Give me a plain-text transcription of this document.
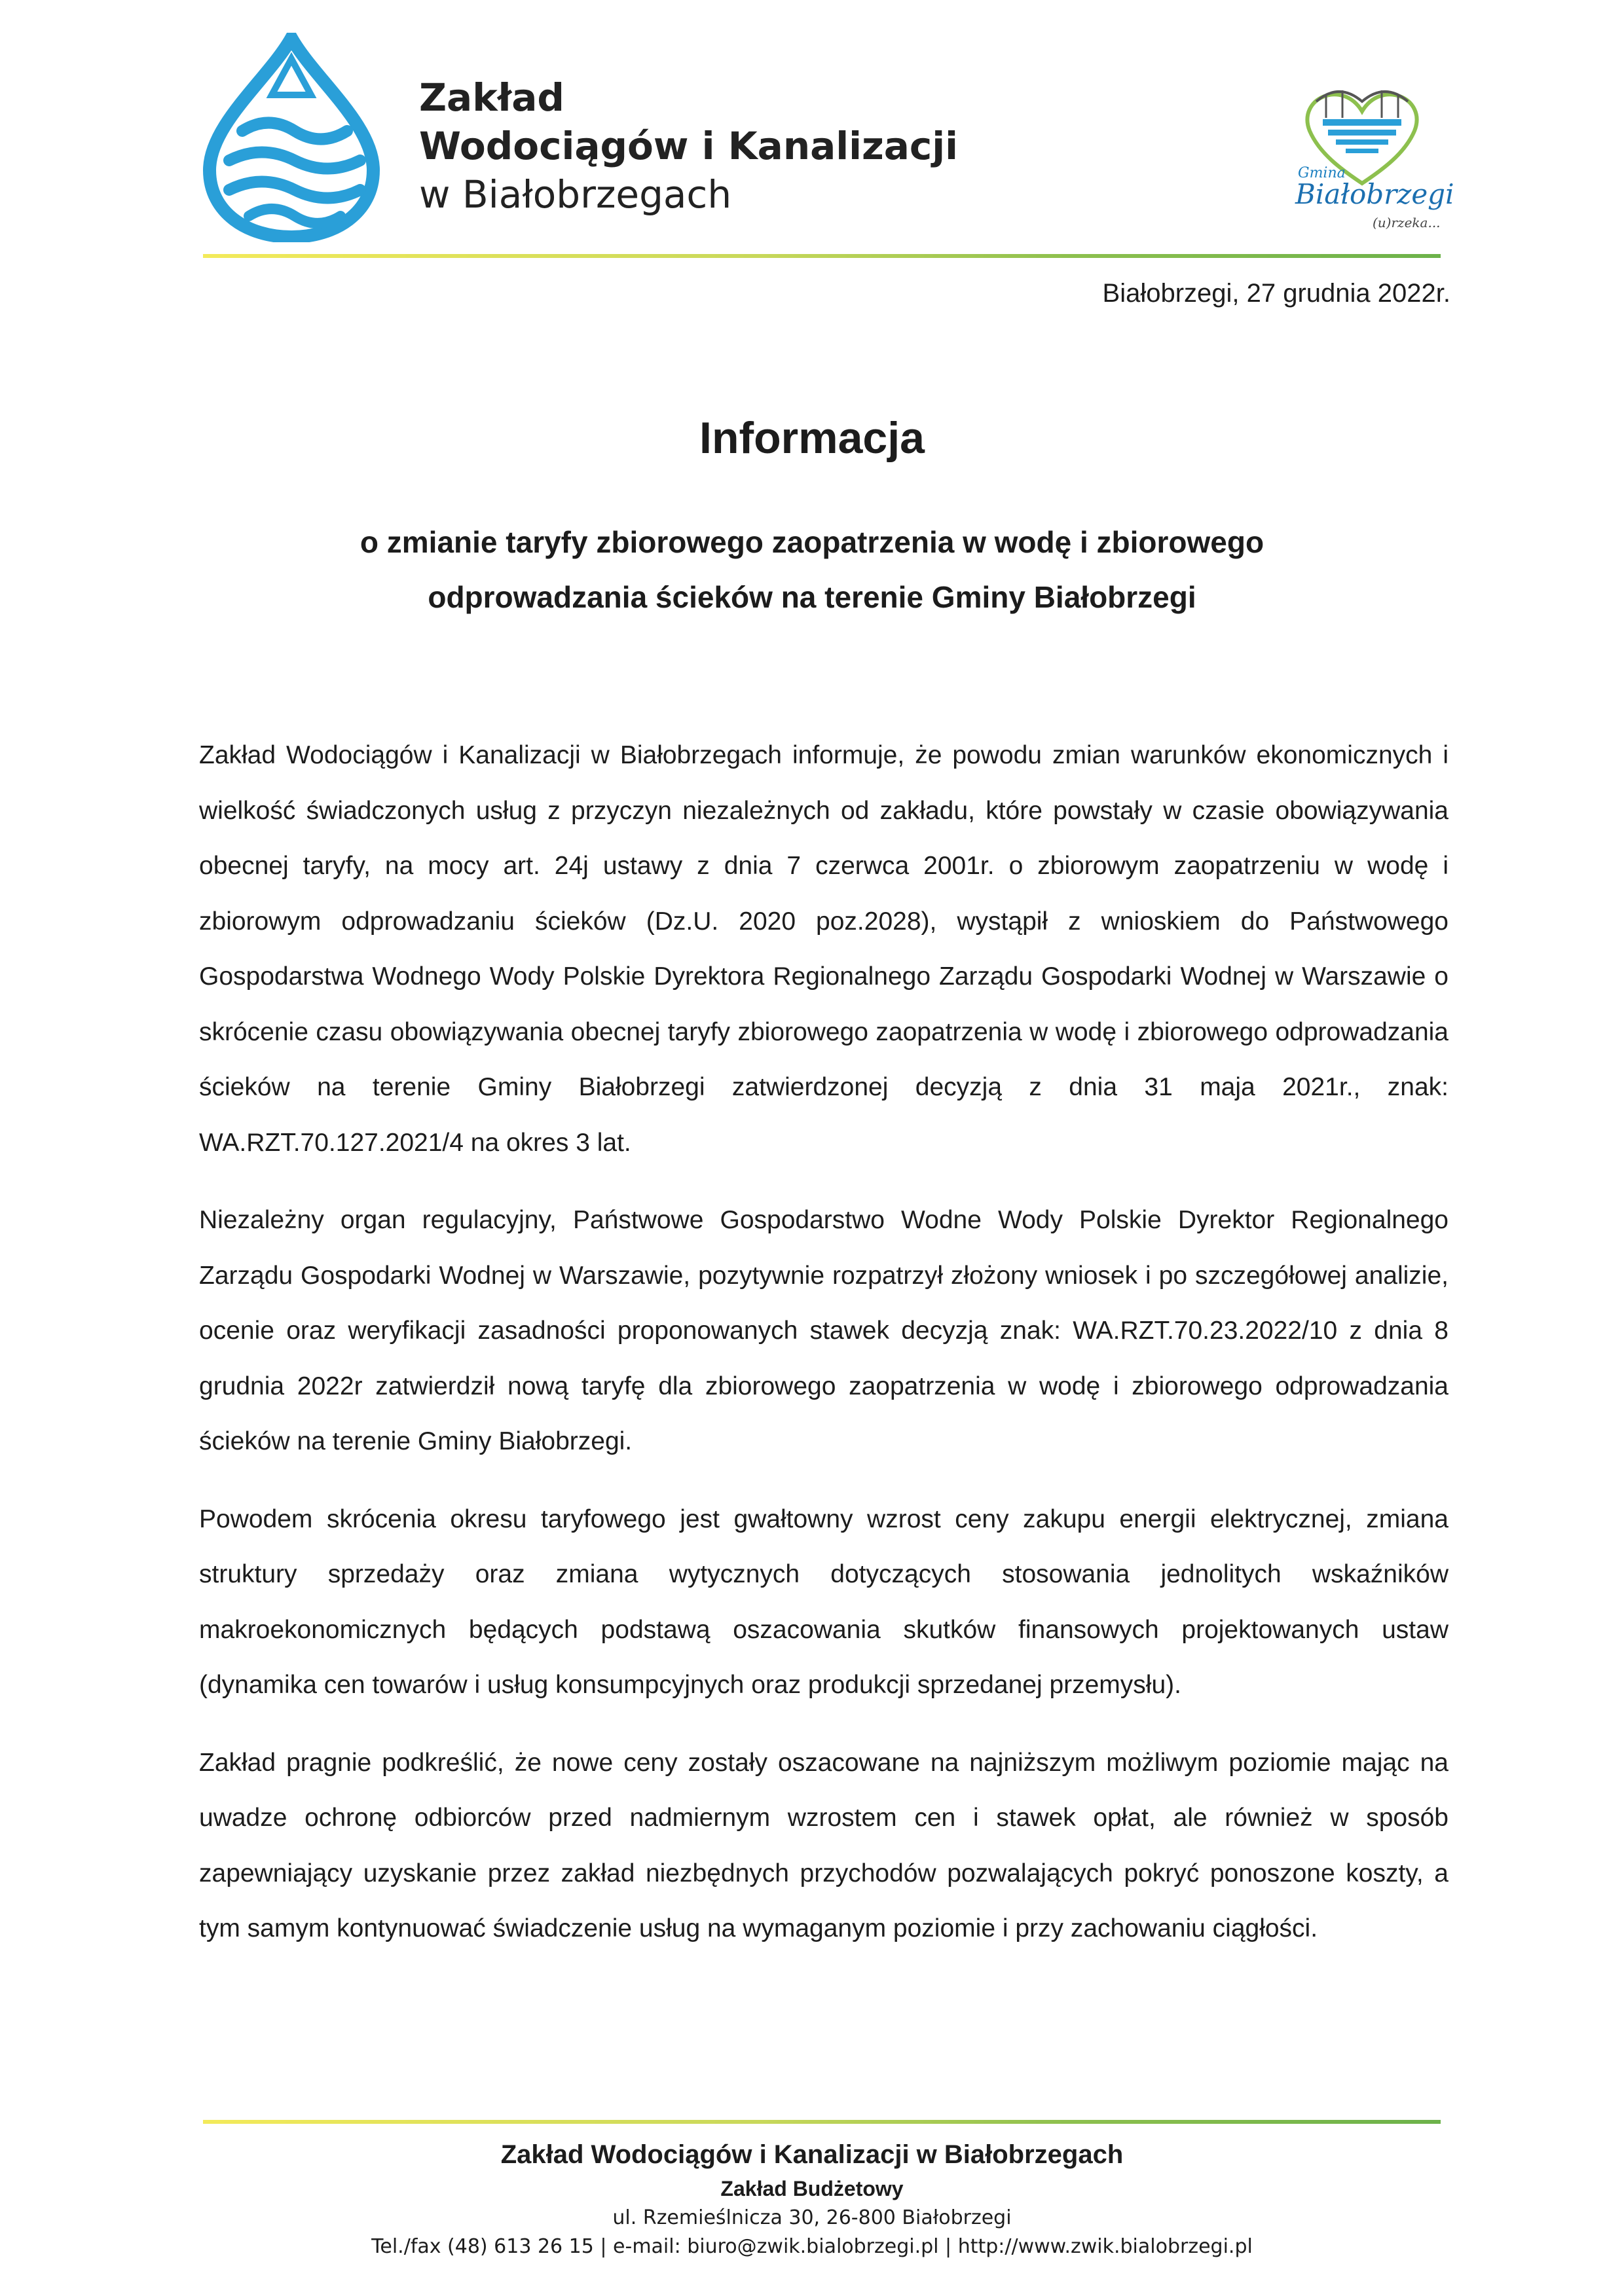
Zakład
Wodociągów i Kanalizacji
w Białobrzegach	Gmina
Białobrzegi
(u)rzeka...
Białobrzegi, 27 grudnia 2022r.
Informacja
o zmianie taryfy zbiorowego zaopatrzenia w wodę i zbiorowego
odprowadzania ścieków na terenie Gminy Białobrzegi

Zakład Wodociągów i Kanalizacji w Białobrzegach informuje, że powodu zmian warunków ekonomicznych i wielkość świadczonych usług z przyczyn niezależnych od zakładu, które powstały w czasie obowiązywania obecnej taryfy, na mocy art. 24j ustawy z dnia 7 czerwca 2001r. o zbiorowym zaopatrzeniu w wodę i zbiorowym odprowadzaniu ścieków (Dz.U. 2020 poz.2028), wystąpił z wnioskiem do Państwowego Gospodarstwa Wodnego Wody Polskie Dyrektora Regionalnego Zarządu Gospodarki Wodnej w Warszawie o skrócenie czasu obowiązywania obecnej taryfy zbiorowego zaopatrzenia w wodę i zbiorowego odprowadzania ścieków na terenie Gminy Białobrzegi zatwierdzonej decyzją z dnia 31 maja 2021r., znak: WA.RZT.70.127.2021/4 na okres 3 lat.

Niezależny organ regulacyjny, Państwowe Gospodarstwo Wodne Wody Polskie Dyrektor Regionalnego Zarządu Gospodarki Wodnej w Warszawie, pozytywnie rozpatrzył złożony wniosek i po szczegółowej analizie, ocenie oraz weryfikacji zasadności proponowanych stawek decyzją znak: WA.RZT.70.23.2022/10 z dnia 8 grudnia 2022r zatwierdził nową taryfę dla zbiorowego zaopatrzenia w wodę i zbiorowego odprowadzania ścieków na terenie Gminy Białobrzegi.

Powodem skrócenia okresu taryfowego jest gwałtowny wzrost ceny zakupu energii elektrycznej, zmiana struktury sprzedaży oraz zmiana wytycznych dotyczących stosowania jednolitych wskaźników makroekonomicznych będących podstawą oszacowania skutków finansowych projektowanych ustaw (dynamika cen towarów i usług konsumpcyjnych oraz produkcji sprzedanej przemysłu).

Zakład pragnie podkreślić, że nowe ceny zostały oszacowane na najniższym możliwym poziomie mając na uwadze ochronę odbiorców przed nadmiernym wzrostem cen i stawek opłat, ale również w sposób zapewniający uzyskanie przez zakład niezbędnych przychodów pozwalających pokryć ponoszone koszty, a tym samym kontynuować świadczenie usług na wymaganym poziomie i przy zachowaniu ciągłości.

Zakład Wodociągów i Kanalizacji w Białobrzegach
Zakład Budżetowy
ul. Rzemieślnicza 30, 26-800 Białobrzegi
Tel./fax (48) 613 26 15 | e-mail: biuro@zwik.bialobrzegi.pl | http://www.zwik.bialobrzegi.pl
